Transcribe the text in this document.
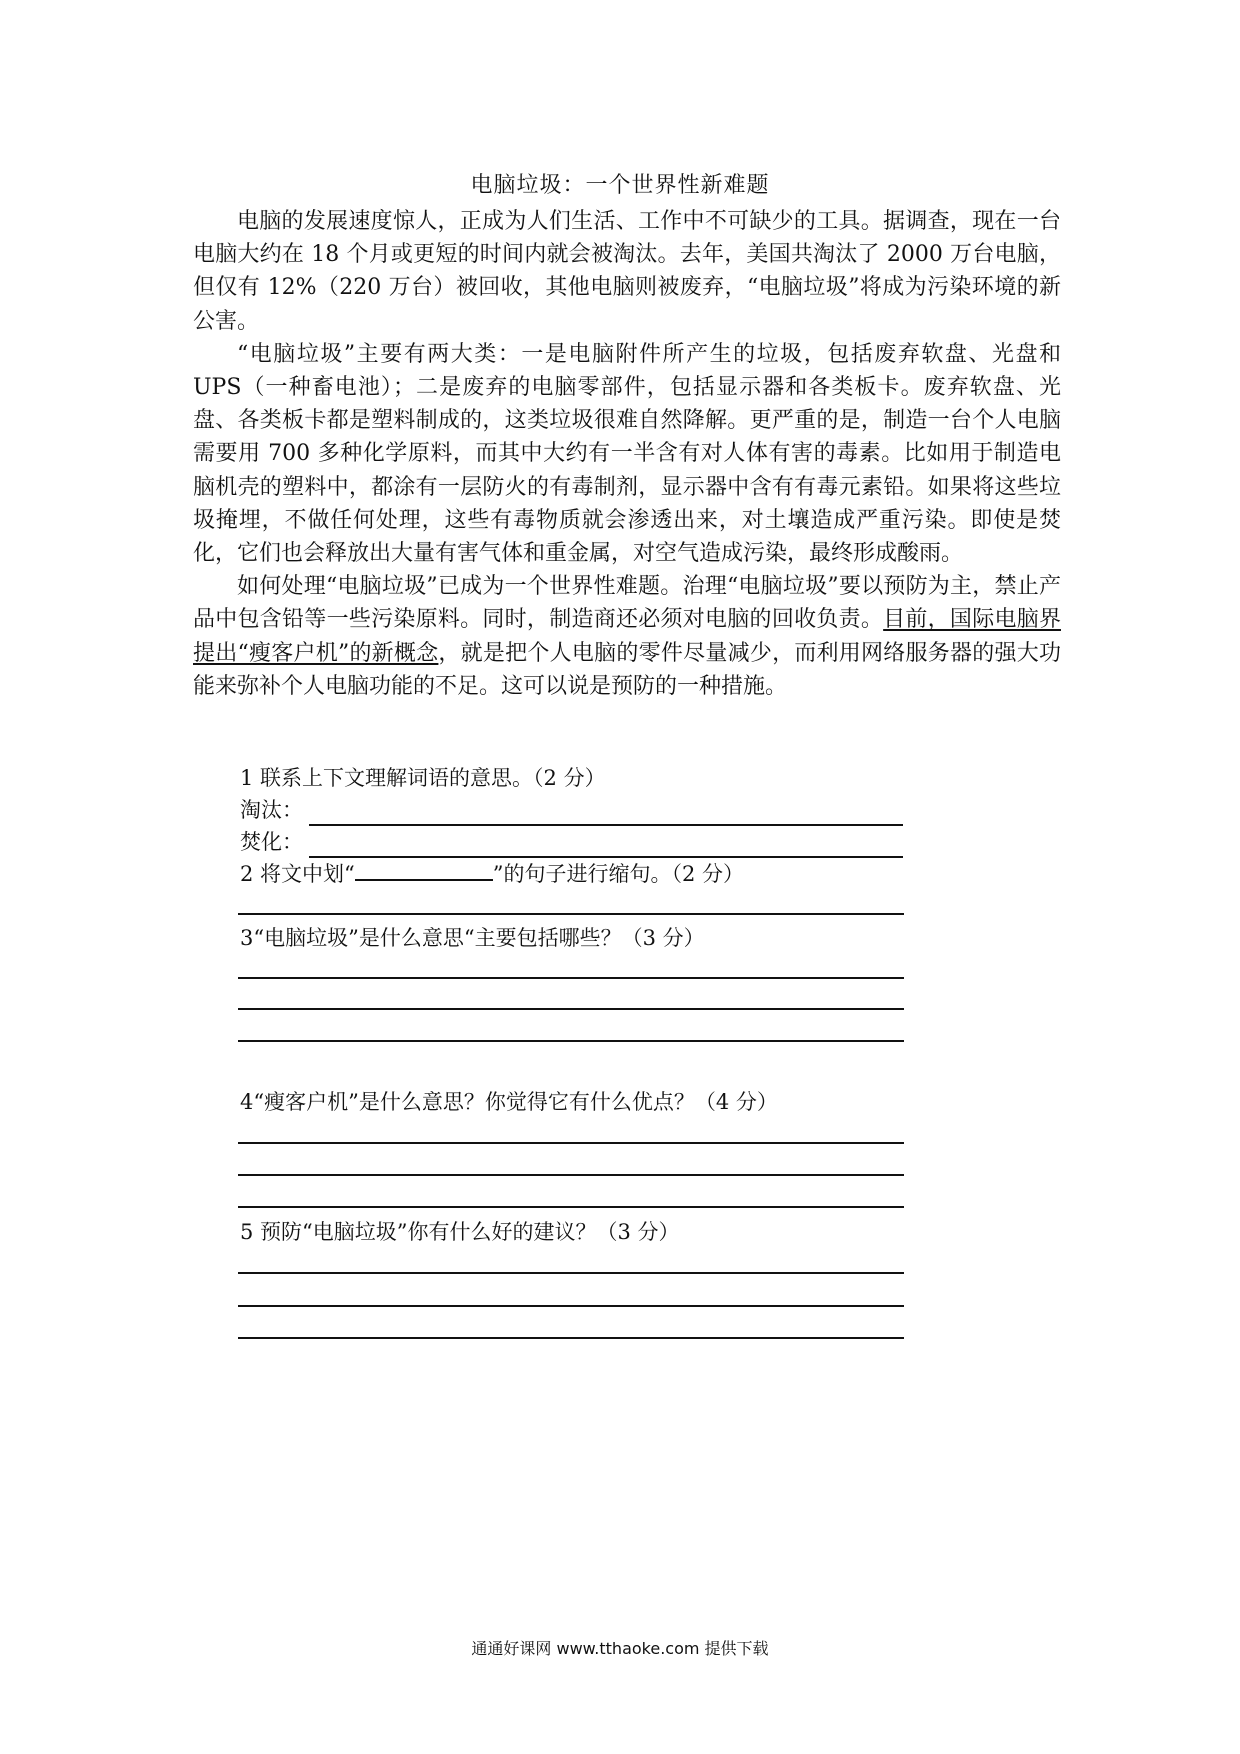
电脑垃圾：一个世界性新难题

电脑的发展速度惊人，正成为人们生活、工作中不可缺少的工具。据调查，现在一台电脑大约在 18 个月或更短的时间内就会被淘汰。去年，美国共淘汰了 2000 万台电脑，但仅有 12%（220 万台）被回收，其他电脑则被废弃，“电脑垃圾”将成为污染环境的新公害。

“电脑垃圾”主要有两大类：一是电脑附件所产生的垃圾，包括废弃软盘、光盘和 UPS（一种畜电池）；二是废弃的电脑零部件，包括显示器和各类板卡。废弃软盘、光盘、各类板卡都是塑料制成的，这类垃圾很难自然降解。更严重的是，制造一台个人电脑需要用 700 多种化学原料，而其中大约有一半含有对人体有害的毒素。比如用于制造电脑机壳的塑料中，都涂有一层防火的有毒制剂，显示器中含有有毒元素铅。如果将这些垃圾掩埋，不做任何处理，这些有毒物质就会渗透出来，对土壤造成严重污染。即使是焚化，它们也会释放出大量有害气体和重金属，对空气造成污染，最终形成酸雨。

如何处理“电脑垃圾”已成为一个世界性难题。治理“电脑垃圾”要以预防为主，禁止产品中包含铅等一些污染原料。同时，制造商还必须对电脑的回收负责。目前，国际电脑界提出“瘦客户机”的新概念，就是把个人电脑的零件尽量减少，而利用网络服务器的强大功能来弥补个人电脑功能的不足。这可以说是预防的一种措施。

1 联系上下文理解词语的意思。（2 分）
淘汰：
焚化：
2 将文中划“	”的句子进行缩句。（2 分）
3“电脑垃圾”是什么意思“主要包括哪些？（3 分）
4“瘦客户机”是什么意思？你觉得它有什么优点？（4 分）
5 预防“电脑垃圾”你有什么好的建议？（3 分）
通通好课网 www.tthaoke.com 提供下载
